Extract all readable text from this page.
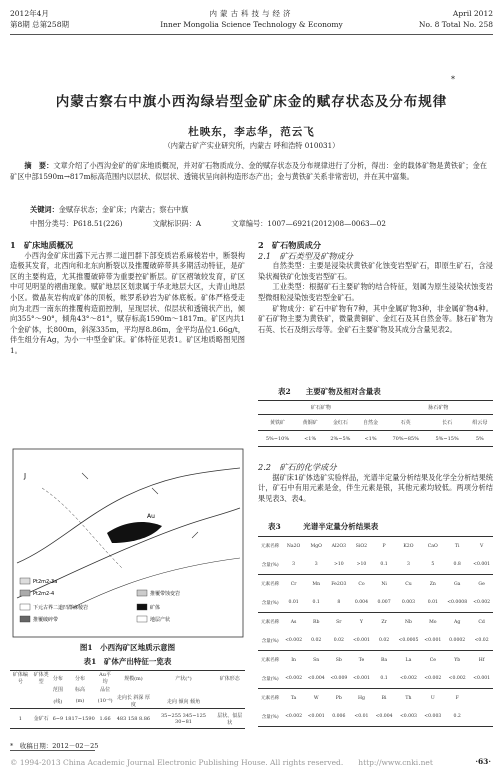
2012年4月
第8期 总第258期
内蒙古科技与经济
Inner Mongolia Science Technology & Economy
April 2012
No. 8 Total No. 258
*
内蒙古察右中旗小西沟绿岩型金矿床金的赋存状态及分布规律
杜映东，李志华，范云飞
（内蒙古矿产实业研究所，内蒙古 呼和浩特 010031）
摘　要：文章介绍了小西沟金矿的矿床地质概况，并对矿石物质成分、金的赋存状态及分布规律进行了分析，得出：金的载体矿物是黄铁矿；金在矿区中部1590m→817m标高范围内以层状、似层状、透镜状呈向斜构造形态产出；金与黄铁矿关系非常密切，并在其中富集。
关键词：金赋存状态；金矿床；内蒙古；察右中旗
中图分类号：P618.51(226)	文献标识码：A	文章编号：1007—6921(2012)08—0063—02
1　矿床地质概况
小西沟金矿床出露下元古界二道凹群下部变质岩系麻棱岩中，断裂构造极其发育，北西向和北东向断裂以及推覆破碎带具多期活动特征，是矿区的主要构造，尤其推覆破碎带为重要控矿断层。矿区褶皱较发育，矿区中可见明显的褶曲现象。赋矿地层区划隶属于华北地层大区，大青山地层小区。微晶灰岩构成矿体的顶板，帐罗系砂岩为矿体底板。矿体严格受走向为北西一南东的推覆构造面控制，呈现层状、似层状和透镜状产出，倾向355°～90°，倾角43°～81°，赋存标高1590m～1817m。矿区内共1个金矿体，长800m，斜深335m，平均厚8.86m，金平均品位1.66g/t，伴生组分有Ag，为小一中型金矿床。矿体特征见表1。矿区地质略图见图1。
J
Au
Pt2m2-3a
Pt2m2-4
下元古界二道凹群麻棱岩
推覆破碎带
推覆带蚀变岩
矿体
地层产状
图1　小西沟矿区地质示意图
表1　矿体产出特征一览表
矿体编号	矿体类型	分布	分布	Au平均	规模(m)	产状(°)	矿体形态
		范围	标高	品位			
		(线)	(m)	(10⁻⁶)	走向长 斜深 厚度	走向 倾向 倾角	
1	金矿石	6~9	1817~1590	1.66	483 158 8.86	35~255 345~125 30~81	层状、似层状
2　矿石物质成分
2.1　矿石类型及矿物成分
自然类型：主要是浸染状黄铁矿化蚀变岩型矿石，即原生矿石，含浸染状褐铁矿化蚀变岩型矿石。
工业类型：根据矿石主要矿物的结合特征，划属为原生浸染状蚀变岩型微细粒浸染蚀变岩型金矿石。
矿物成分：矿石中矿物有7种，其中金属矿物3种，非金属矿物4种。矿石矿物主要为黄铁矿，微量黄铜矿、金红石及其自然金等。脉石矿物为石英、长石及绢云母等。金矿石主要矿物及其成分含量见表2。
表2　　主要矿物及相对含量表
矿石矿物				脉石矿物		
黄铁矿	黄铜矿	金红石	自然金	石英	长石	绢云母
5%~10%	<1%	2%~5%	<1%	70%~85%	5%~15%	5%
2.2　矿石的化学成分
据矿床1矿体选矿实验样品，光谱半定量分析结果及化学全分析结果统计，矿石中有用元素是金，伴生元素是银，其他元素均较低。两项分析结果见表3、表4。
表3　　　光谱半定量分析结果表
元素名称	Na2O	MgO	Al2O3	SiO2	P	K2O	CaO	Ti	V
含量(%)	3	3	>10	>10	0.1	3	5	0.8	<0.001
元素名称	Cr	Mn	Fe2O3	Co	Ni	Cu	Zn	Ga	Ge
含量(%)	0.01	0.1	8	0.004	0.007	0.003	0.01	<0.0008	<0.002
元素名称	As	Rb	Sr	Y	Zr	Nb	Mo	Ag	Cd
含量(%)	<0.002	0.02	0.02	<0.001	0.02	<0.0005	<0.001	0.0002	<0.02
元素名称	In	Sn	Sb	Te	Ba	La	Ce	Yb	Hf
含量(%)	<0.002	<0.004	<0.009	<0.001	0.1	<0.002	<0.002	<0.002	<0.001
元素名称	Ta	W	Pb	Hg	Bi	Th	U	F	
含量(%)	<0.002	<0.001	0.006	<0.01	<0.004	<0.003	<0.003	0.2	
*　收稿日期：2012－02－25
© 1994-2013 China Academic Journal Electronic Publishing House. All rights reserved.　　http://www.cnki.net	·63·
